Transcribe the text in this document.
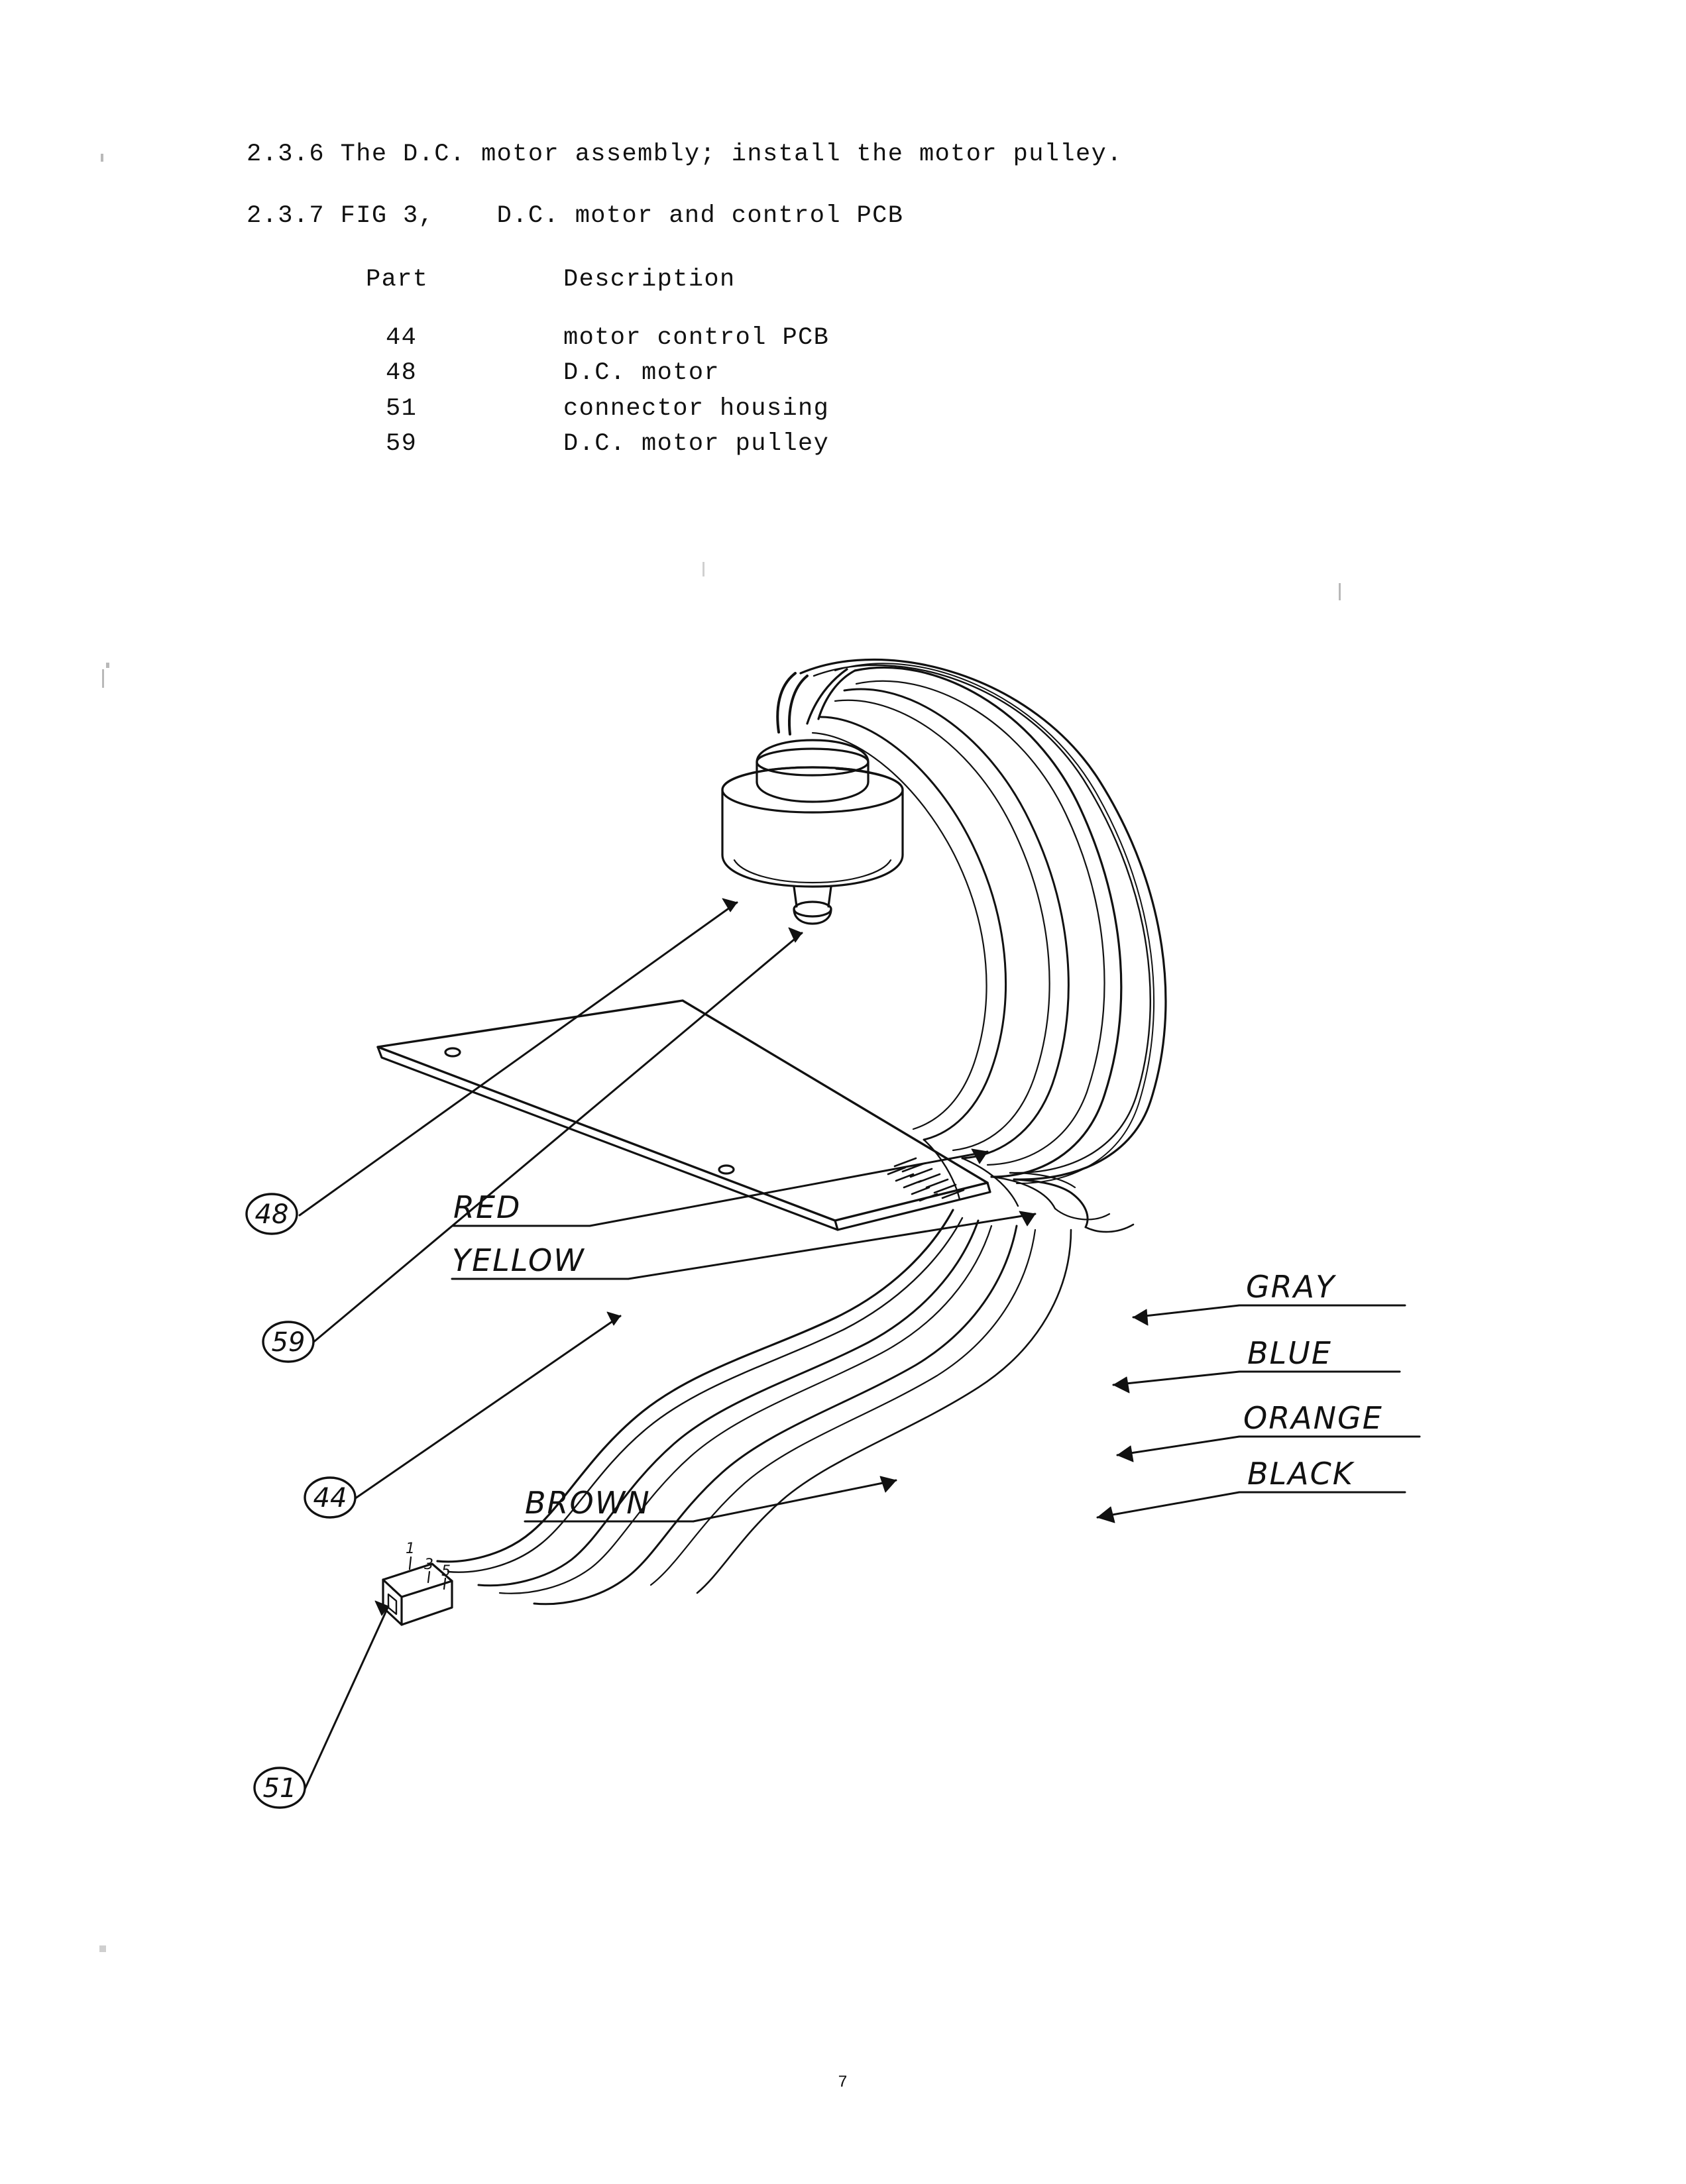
2.3.6 The D.C. motor assembly; install the motor pulley.
2.3.7 FIG 3,    D.C. motor and control PCB
Part	Description
44	motor control PCB
48	D.C. motor
51	connector housing
59	D.C. motor pulley
48
59
44
51
RED
YELLOW
GRAY
BLUE
ORANGE
BLACK
BROWN
1
3 5
7
